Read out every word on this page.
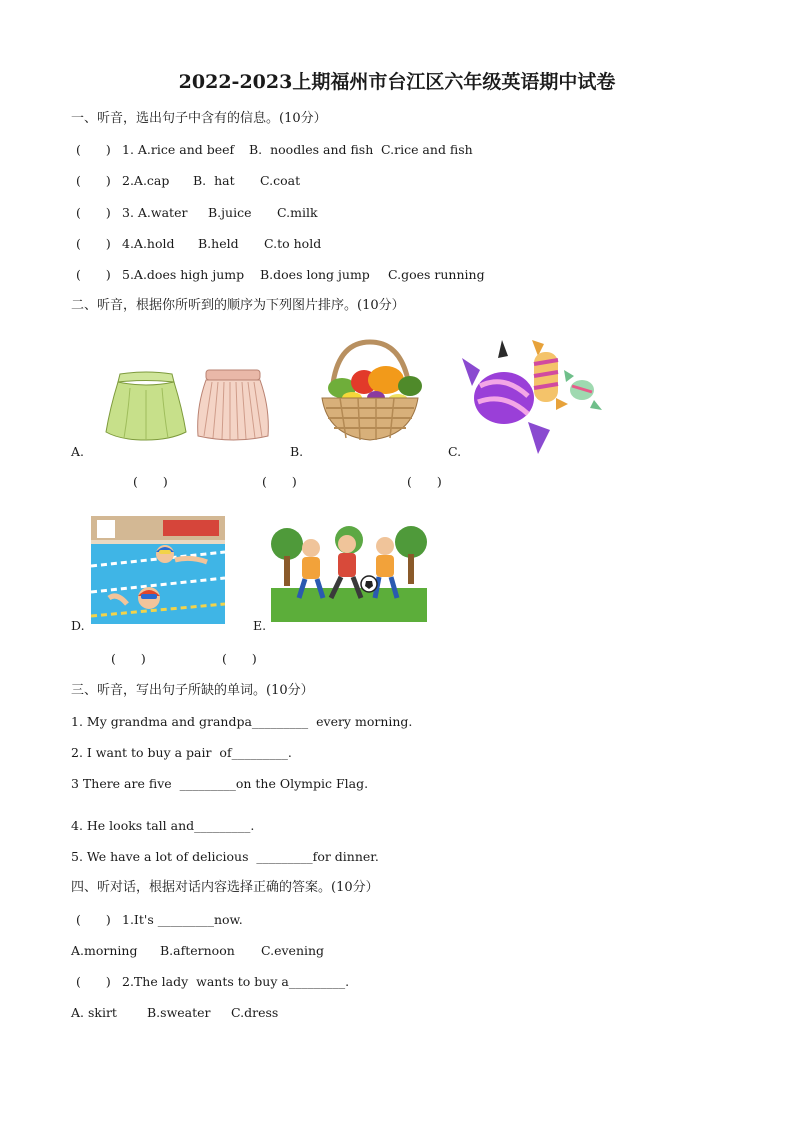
2022-2023上期福州市台江区六年级英语期中试卷
一、听音，选出句子中含有的信息。(10分）
(　　) 1. A.rice and beef B.  noodles and fish C.rice and fish
(　　) 2.A.cap B.  hat C.coat
(　　) 3. A.water B.juice C.milk
(　　) 4.A.hold B.held C.to hold
(　　) 5.A.does high jump B.does long jump C.goes running
二、听音，根据你所听到的顺序为下列图片排序。(10分）
A.	B.	C.
(　　)	(　　)	(　　)
D.	E.
(　　)	(　　)
三、听音，写出句子所缺的单词。(10分）
1. My grandma and grandpa_________  every morning.
2. I want to buy a pair  of_________.
3 There are five  _________on the Olympic Flag.
4. He looks tall and_________.
5. We have a lot of delicious  _________for dinner.
四、听对话，根据对话内容选择正确的答案。(10分）
(　　) 1.It's _________now.
A.morning B.afternoon C.evening
(　　) 2.The lady  wants to buy a_________.
A. skirt B.sweater C.dress
